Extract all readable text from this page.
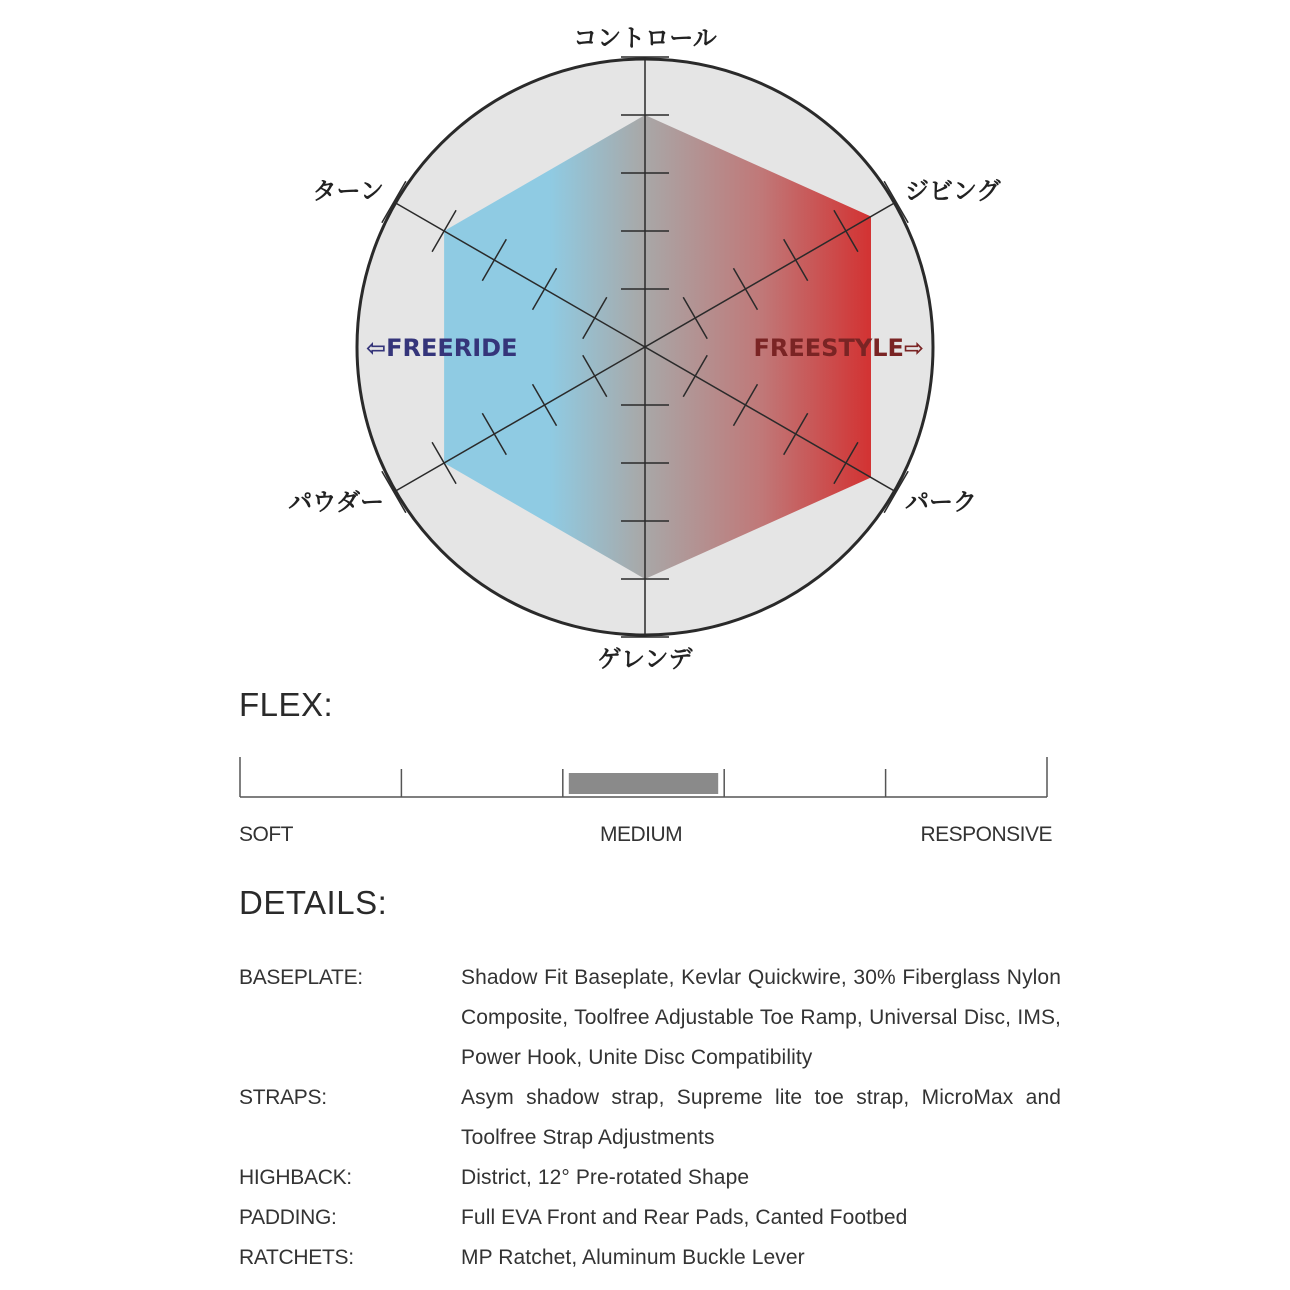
コントロール
ジビング
パーク
ゲレンデ
パウダー
ターン
⇦FREERIDE	FREESTYLE⇨
FLEX:
SOFT	MEDIUM	RESPONSIVE
DETAILS:
BASEPLATE:	Shadow Fit Baseplate, Kevlar Quickwire, 30% Fiberglass Nylon Composite, Toolfree Adjustable Toe Ramp, Universal Disc, IMS, Power Hook, Unite Disc Compatibility
STRAPS:	Asym shadow strap, Supreme lite toe strap, MicroMax and Toolfree Strap Adjustments
HIGHBACK:	District, 12° Pre-rotated Shape
PADDING:	Full EVA Front and Rear Pads, Canted Footbed
RATCHETS:	MP Ratchet, Aluminum Buckle Lever
